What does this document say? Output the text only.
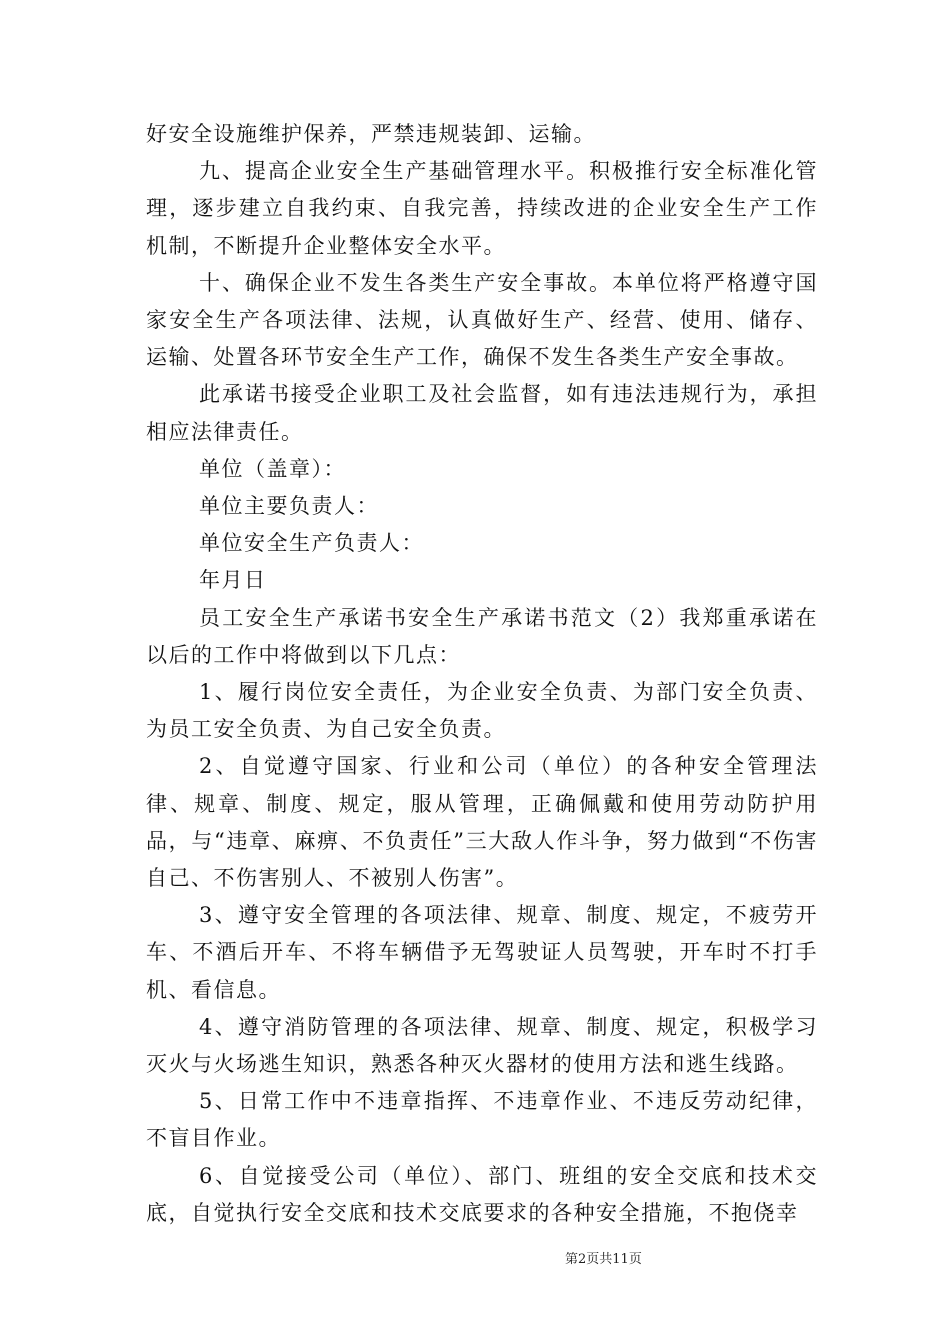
好安全设施维护保养，严禁违规装卸、运输。

九、提高企业安全生产基础管理水平。积极推行安全标准化管理，逐步建立自我约束、自我完善，持续改进的企业安全生产工作机制，不断提升企业整体安全水平。

十、确保企业不发生各类生产安全事故。本单位将严格遵守国家安全生产各项法律、法规，认真做好生产、经营、使用、储存、运输、处置各环节安全生产工作，确保不发生各类生产安全事故。

此承诺书接受企业职工及社会监督，如有违法违规行为，承担相应法律责任。

单位（盖章）：

单位主要负责人：

单位安全生产负责人：

年月日

员工安全生产承诺书安全生产承诺书范文（2）我郑重承诺在以后的工作中将做到以下几点：

1、履行岗位安全责任，为企业安全负责、为部门安全负责、为员工安全负责、为自己安全负责。

2、自觉遵守国家、行业和公司（单位）的各种安全管理法律、规章、制度、规定，服从管理，正确佩戴和使用劳动防护用品，与“违章、麻痹、不负责任”三大敌人作斗争，努力做到“不伤害自己、不伤害别人、不被别人伤害”。

3、遵守安全管理的各项法律、规章、制度、规定，不疲劳开车、不酒后开车、不将车辆借予无驾驶证人员驾驶，开车时不打手机、看信息。

4、遵守消防管理的各项法律、规章、制度、规定，积极学习灭火与火场逃生知识，熟悉各种灭火器材的使用方法和逃生线路。

5、日常工作中不违章指挥、不违章作业、不违反劳动纪律，不盲目作业。

6、自觉接受公司（单位）、部门、班组的安全交底和技术交底，自觉执行安全交底和技术交底要求的各种安全措施，不抱侥幸

第2页共11页
